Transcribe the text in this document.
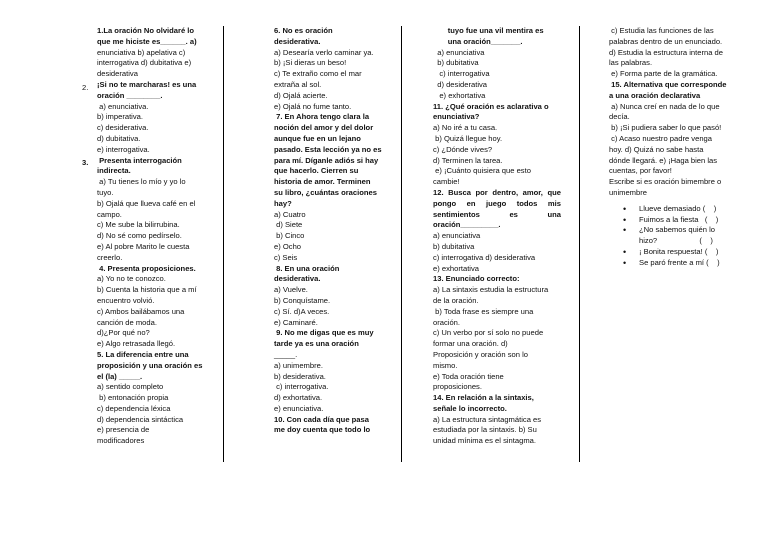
2.
3.
1.La oración No olvidaré lo
que me hiciste es______. a)
enunciativa b) apelativa c)
interrogativa d) dubitativa e)
desiderativa
¡Si no te marcharas! es una
oración ________.
a) enunciativa.
b) imperativa.
c) desiderativa.
d) dubitativa.
e) interrogativa.
Presenta interrogación
indirecta.
a) Tu tienes lo mío y yo lo
tuyo.
b) Ojalá que llueva café en el
campo.
c) Me sube la bilirrubina.
d) No sé como pedírselo.
e) Al pobre Marito le cuesta
creerlo.
4. Presenta proposiciones.
a) Yo no te conozco.
b) Cuenta la historia que a mí
encuentro volvió.
c) Ambos bailábamos una
canción de moda.
d)¿Por qué no?
e) Algo retrasada llegó.
5. La diferencia entre una
proposición y una oración es
el (la) _____.
a) sentido completo
b) entonación propia
c) dependencia léxica
d) dependencia sintáctica
e) presencia de
modificadores
6. No es oración
desiderativa.
a) Desearía verlo caminar ya.
b) ¡Si dieras un beso!
c) Te extraño como el mar
extraña al sol.
d) Ojalá acierte.
e) Ojalá no fume tanto.
7. En Ahora tengo clara la
noción del amor y del dolor
aunque fue en un lejano
pasado. Esta lección ya no es
para mí. Díganle adiós si hay
que hacerlo. Cierren su
historia de amor. Terminen
su libro, ¿cuántas oraciones
hay?
a) Cuatro
d) Siete
b) Cinco
e) Ocho
c) Seis
8. En una oración
desiderativa.
a) Vuelve.
b) Conquístame.
c) Sí. d)A veces.
e) Caminaré.
9. No me digas que es muy
tarde ya es una oración
_____.
a) unimembre.
b) desiderativa.
c) interrogativa.
d) exhortativa.
e) enunciativa.
10. Con cada día que pasa
me doy cuenta que todo lo
tuyo fue una vil mentira es
una oración_______.
a) enunciativa
b) dubitativa
c) interrogativa
d) desiderativa
e) exhortativa
11. ¿Qué oración es aclarativa o
enunciativa?
a) No iré a tu casa.
b) Quizá llegue hoy.
c) ¿Dónde vives?
d) Terminen la tarea.
e) ¡Cuánto quisiera que esto
cambie!
12. Busca por dentro, amor, que
pongo en juego todos mis
sentimientos	es	una
oración_________.
a) enunciativa
b) dubitativa
c) interrogativa d) desiderativa
e) exhortativa
13. Enunciado correcto:
a) La sintaxis estudia la estructura
de la oración.
b) Toda frase es siempre una
oración.
c) Un verbo por sí solo no puede
formar una oración. d)
Proposición y oración son lo
mismo.
e) Toda oración tiene
proposiciones.
14. En relación a la sintaxis,
señale lo incorrecto.
a) La estructura sintagmática es
estudiada por la sintaxis. b) Su
unidad mínima es el sintagma.
c) Estudia las funciones de las
palabras dentro de un enunciado.
d) Estudia la estructura interna de
las palabras.
e) Forma parte de la gramática.
15. Alternativa que corresponde
a una oración declarativa
a) Nunca creí en nada de lo que
decía.
b) ¡Si pudiera saber lo que pasó!
c) Acaso nuestro padre venga
hoy. d) Quizá no sabe hasta
dónde llegará. e) ¡Haga bien las
cuentas, por favor!
Escribe si es oración bimembre o
unimembre
• Llueve demasiado (    )
• Fuimos a la fiesta   (    )
• ¿No sabemos quién lo
hizo?                    (    )
• ¡ Bonita respuesta! (    )
• Se paró frente a mí (    )
